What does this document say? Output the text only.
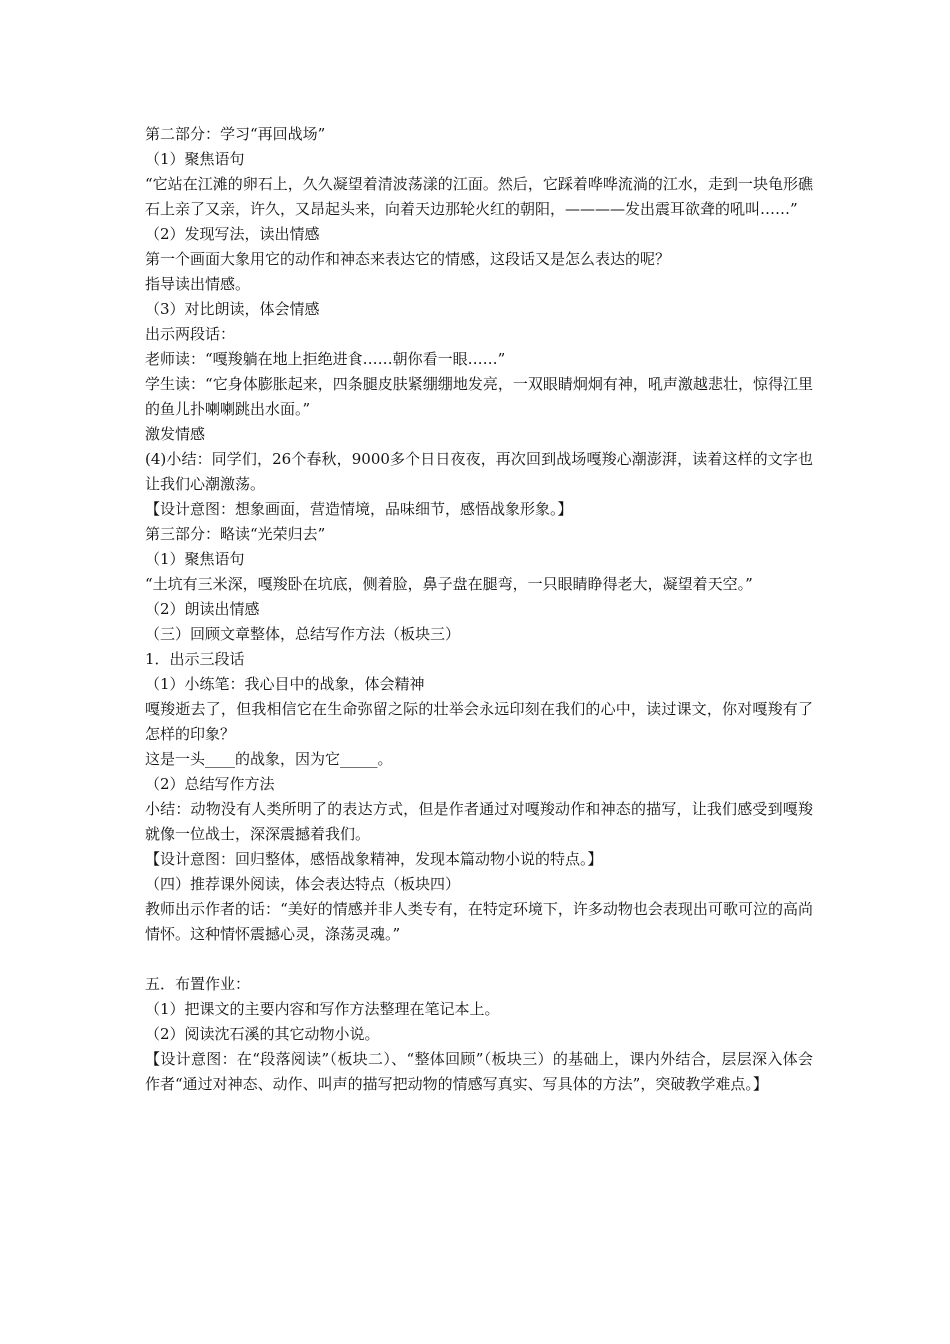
第二部分：学习“再回战场”

（1）聚焦语句

“它站在江滩的卵石上，久久凝望着清波荡漾的江面。然后，它踩着哗哗流淌的江水，走到一块龟形礁石上亲了又亲，许久，又昂起头来，向着天边那轮火红的朝阳，————发出震耳欲聋的吼叫……”

（2）发现写法，读出情感

第一个画面大象用它的动作和神态来表达它的情感，这段话又是怎么表达的呢？

指导读出情感。

（3）对比朗读，体会情感

出示两段话：

老师读：“嘎羧躺在地上拒绝进食……朝你看一眼……”

学生读：“它身体膨胀起来，四条腿皮肤紧绷绷地发亮，一双眼睛炯炯有神，吼声激越悲壮，惊得江里的鱼儿扑喇喇跳出水面。”

激发情感

(4)小结：同学们，26个春秋，9000多个日日夜夜，再次回到战场嘎羧心潮澎湃，读着这样的文字也让我们心潮激荡。

【设计意图：想象画面，营造情境，品味细节，感悟战象形象。】

第三部分：略读“光荣归去”

（1）聚焦语句

“土坑有三米深，嘎羧卧在坑底，侧着脸，鼻子盘在腿弯，一只眼睛睁得老大，凝望着天空。”

（2）朗读出情感

（三）回顾文章整体，总结写作方法（板块三）

1．出示三段话

（1）小练笔：我心目中的战象，体会精神

嘎羧逝去了，但我相信它在生命弥留之际的壮举会永远印刻在我们的心中，读过课文，你对嘎羧有了怎样的印象？

这是一头____的战象，因为它_____。

（2）总结写作方法

小结：动物没有人类所明了的表达方式，但是作者通过对嘎羧动作和神态的描写，让我们感受到嘎羧就像一位战士，深深震撼着我们。

【设计意图：回归整体，感悟战象精神，发现本篇动物小说的特点。】

（四）推荐课外阅读，体会表达特点（板块四）

教师出示作者的话：“美好的情感并非人类专有，在特定环境下，许多动物也会表现出可歌可泣的高尚情怀。这种情怀震撼心灵，涤荡灵魂。”

五．布置作业：

（1）把课文的主要内容和写作方法整理在笔记本上。

（2）阅读沈石溪的其它动物小说。

【设计意图：在“段落阅读”（板块二）、“整体回顾”（板块三）的基础上，课内外结合，层层深入体会作者“通过对神态、动作、叫声的描写把动物的情感写真实、写具体的方法”，突破教学难点。】
